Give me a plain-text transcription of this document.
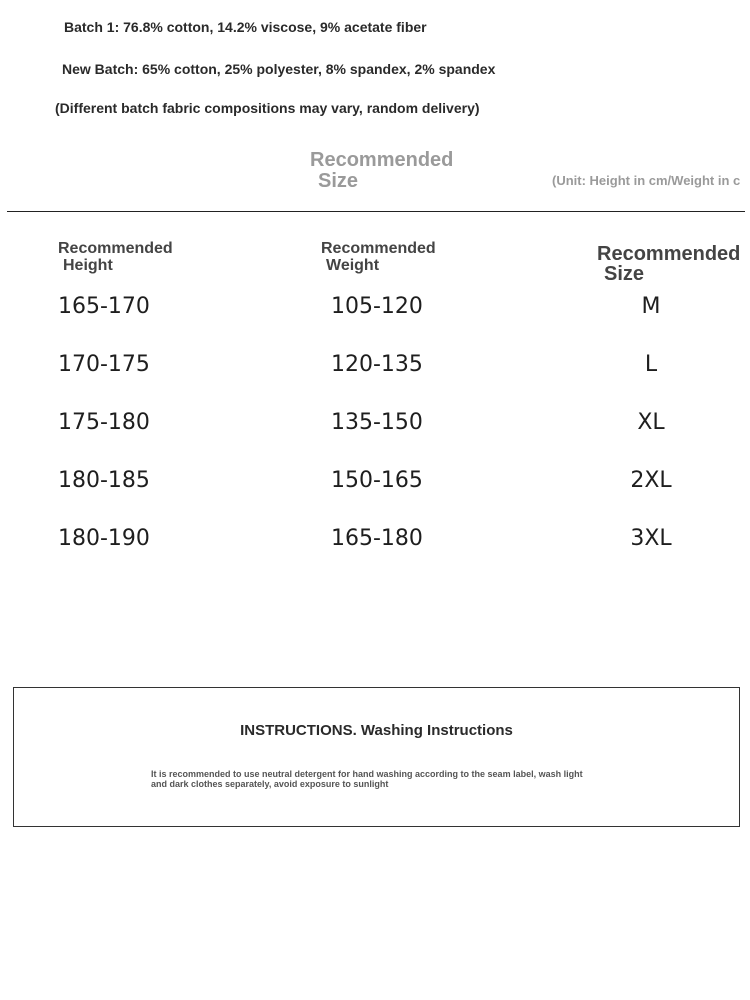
Batch 1: 76.8% cotton, 14.2% viscose, 9% acetate fiber
New Batch: 65% cotton, 25% polyester, 8% spandex, 2% spandex
(Different batch fabric compositions may vary, random delivery)
Recommended
Size	(Unit: Height in cm/Weight in c
Recommended
Height
Recommended
Weight
Recommended
Size
165-170	105-120	M
170-175	120-135	L
175-180	135-150	XL
180-185	150-165	2XL
180-190	165-180	3XL
INSTRUCTIONS. Washing Instructions
It is recommended to use neutral detergent for hand washing according to the seam label, wash light and dark clothes separately, avoid exposure to sunlight
